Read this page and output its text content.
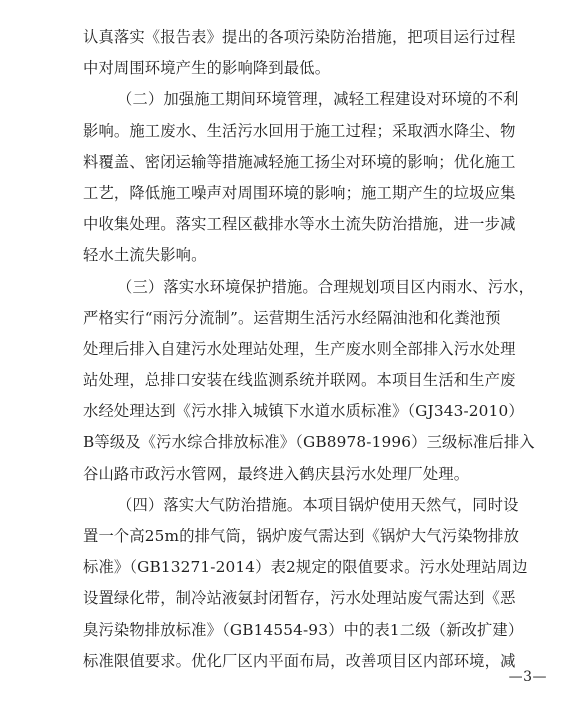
认真落实《报告表》提出的各项污染防治措施，把项目运行过程
中对周围环境产生的影响降到最低。
（二）加强施工期间环境管理，减轻工程建设对环境的不利
影响。施工废水、生活污水回用于施工过程；采取洒水降尘、物
料覆盖、密闭运输等措施减轻施工扬尘对环境的影响；优化施工
工艺，降低施工噪声对周围环境的影响；施工期产生的垃圾应集
中收集处理。落实工程区截排水等水土流失防治措施，进一步减
轻水土流失影响。
（三）落实水环境保护措施。合理规划项目区内雨水、污水，
严格实行“雨污分流制”。运营期生活污水经隔油池和化粪池预
处理后排入自建污水处理站处理，生产废水则全部排入污水处理
站处理，总排口安装在线监测系统并联网。本项目生活和生产废
水经处理达到《污水排入城镇下水道水质标准》（GJ343-2010）
B等级及《污水综合排放标准》（GB8978-1996）三级标准后排入
谷山路市政污水管网，最终进入鹤庆县污水处理厂处理。
（四）落实大气防治措施。本项目锅炉使用天然气，同时设
置一个高25m的排气筒，锅炉废气需达到《锅炉大气污染物排放
标准》（GB13271-2014）表2规定的限值要求。污水处理站周边
设置绿化带，制冷站液氨封闭暂存，污水处理站废气需达到《恶
臭污染物排放标准》（GB14554-93）中的表1二级（新改扩建）
标准限值要求。优化厂区内平面布局，改善项目区内部环境，减
—3—
